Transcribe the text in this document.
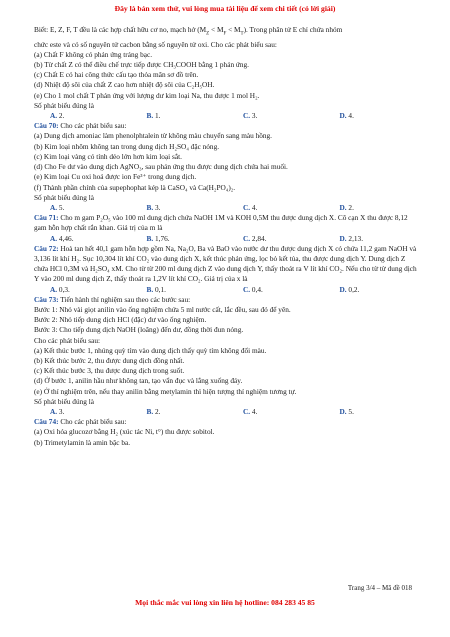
Đây là bản xem thử, vui lòng mua tài liệu để xem chi tiết (có lời giải)

Biết: E, Z, F, T đều là các hợp chất hữu cơ no, mạch hở $(M_Z < M_F < M_T)$. Trong phân tử E chỉ chứa nhóm

chức este và có số nguyên tử cacbon bằng số nguyên tử oxi. Cho các phát biểu sau:

(a) Chất F không có phản ứng tráng bạc.

(b) Từ chất Z có thể điều chế trực tiếp được CH₃COOH bằng 1 phản ứng.

(c) Chất E có hai công thức cấu tạo thỏa mãn sơ đồ trên.

(d) Nhiệt độ sôi của chất Z cao hơn nhiệt độ sôi của C₂H₅OH.

(e) Cho 1 mol chất T phản ứng với lượng dư kim loại Na, thu được 1 mol H₂.

Số phát biểu đúng là

A. 2.	B. 1.	C. 3.	D. 4.

Câu 70: Cho các phát biểu sau:

(a) Dung dịch amoniac làm phenolphtalein từ không màu chuyển sang màu hồng.

(b) Kim loại nhôm không tan trong dung dịch H₂SO₄ đặc nóng.

(c) Kim loại vàng có tính dẻo lớn hơn kim loại sắt.

(d) Cho Fe dư vào dung dịch AgNO₃, sau phản ứng thu được dung dịch chứa hai muối.

(e) Kim loại Cu oxi hoá được ion Fe³⁺ trong dung dịch.

(f) Thành phần chính của supephophat kép là CaSO₄ và Ca(H₂PO₄)₂.

Số phát biểu đúng là

A. 5.	B. 3.	C. 4.	D. 2.

Câu 71: Cho m gam P₂O₅ vào 100 ml dung dịch chứa NaOH 1M và KOH 0,5M thu được dung dịch X. Cô cạn X thu được 8,12 gam hỗn hợp chất rắn khan. Giá trị của m là

A. 4,46.	B. 1,76.	C. 2,84.	D. 2,13.

Câu 72: Hoà tan hết 40,1 gam hỗn hợp gồm Na, Na₂O, Ba và BaO vào nước dư thu được dung dịch X có chứa 11,2 gam NaOH và 3,136 lít khí H₂. Sục 10,304 lít khí CO₂ vào dung dịch X, kết thúc phản ứng, lọc bỏ kết tủa, thu được dung dịch Y. Dung dịch Z chứa HCl 0,3M và H₂SO₄ xM. Cho từ từ 200 ml dung dịch Z vào dung dịch Y, thấy thoát ra V lít khí CO₂. Nếu cho từ từ dung dịch Y vào 200 ml dung dịch Z, thấy thoát ra 1,2V lít khí CO₂. Giá trị của x là

A. 0,3.	B. 0,1.	C. 0,4.	D. 0,2.

Câu 73: Tiến hành thí nghiệm sau theo các bước sau:

Bước 1: Nhỏ vài giọt anilin vào ống nghiệm chứa 5 ml nước cất, lắc đều, sau đó để yên.

Bước 2: Nhỏ tiếp dung dịch HCl (đặc) dư vào ống nghiệm.

Bước 3: Cho tiếp dung dịch NaOH (loãng) đến dư, đồng thời đun nóng.

Cho các phát biểu sau:

(a) Kết thúc bước 1, nhúng quỳ tím vào dung dịch thấy quỳ tím không đổi màu.

(b) Kết thúc bước 2, thu được dung dịch đồng nhất.

(c) Kết thúc bước 3, thu được dung dịch trong suốt.

(d) Ở bước 1, anilin hầu như không tan, tạo vẩn đục và lắng xuống đáy.

(e) Ở thí nghiệm trên, nếu thay anilin bằng metylamin thì hiện tượng thí nghiệm tương tự.

Số phát biểu đúng là

A. 3.	B. 2.	C. 4.	D. 5.

Câu 74: Cho các phát biểu sau:

(a) Oxi hóa glucozơ bằng H₂ (xúc tác Ni, t°) thu được sobitol.

(b) Trimetylamin là amin bậc ba.

Trang 3/4 – Mã đề 018
Mọi thắc mắc vui lòng xin liên hệ hotline: 084 283 45 85
